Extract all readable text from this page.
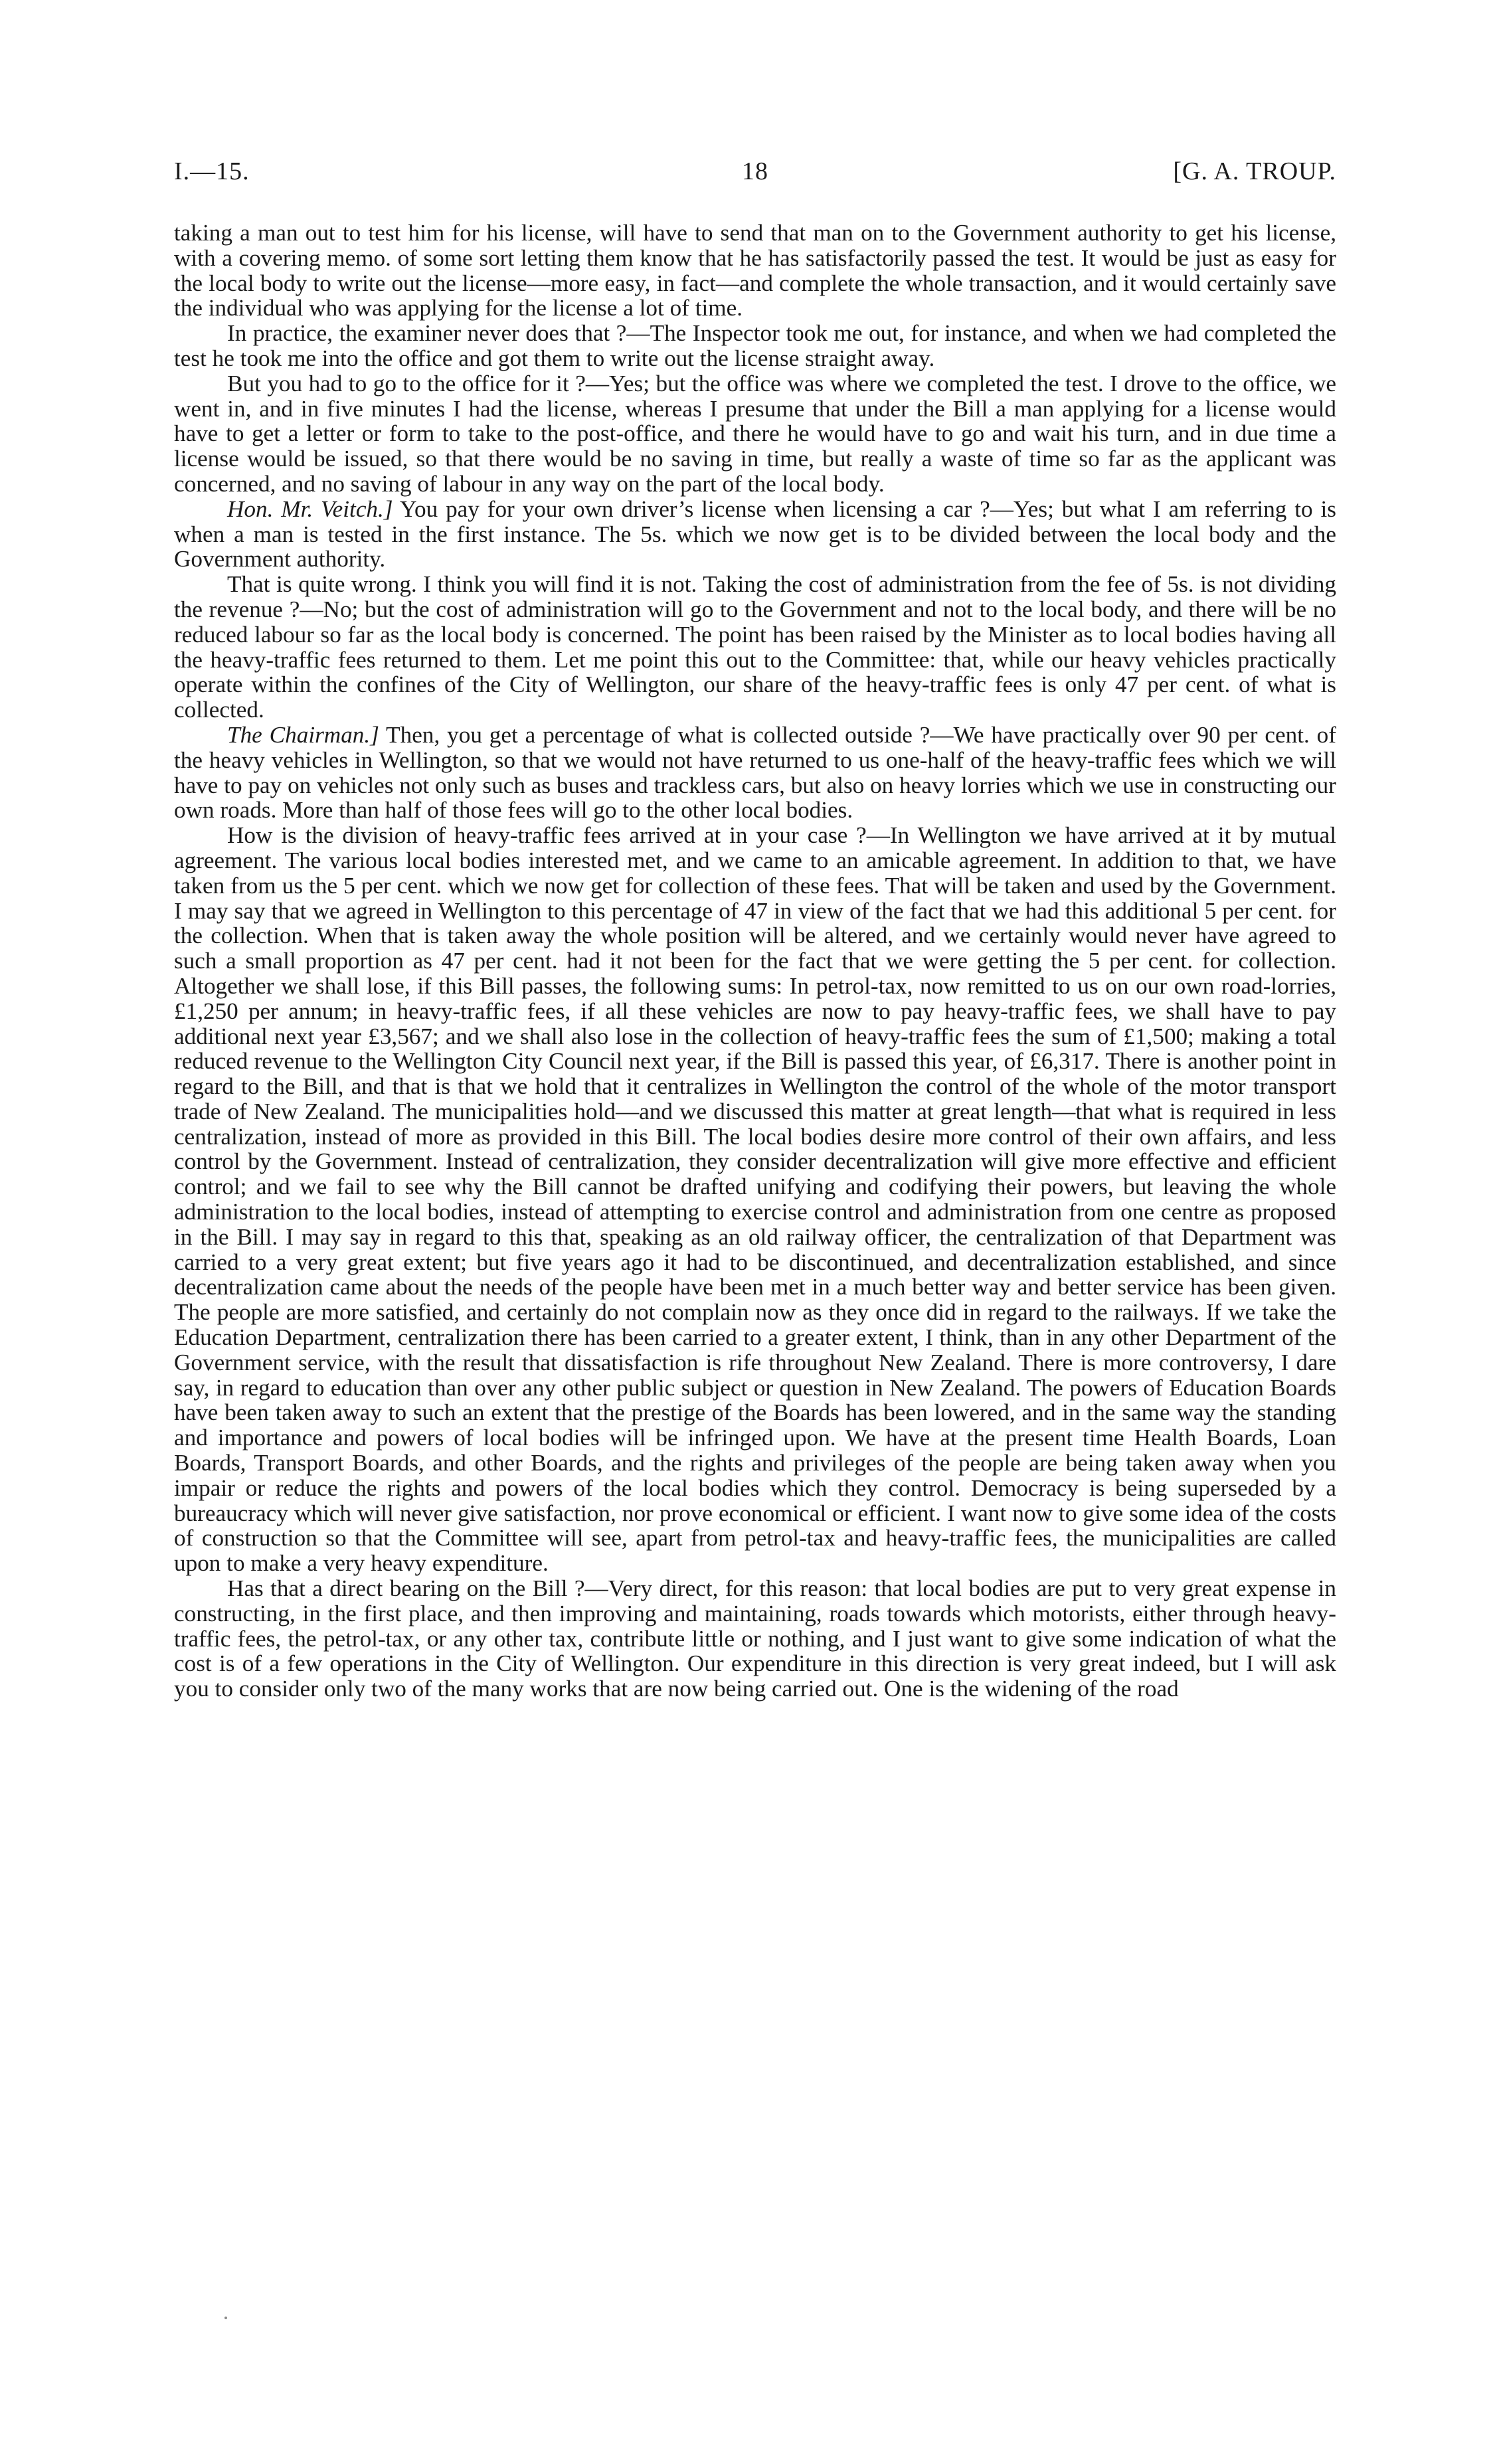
I.—15.	18	[G. A. TROUP.

taking a man out to test him for his license, will have to send that man on to the Government authority to get his license, with a covering memo. of some sort letting them know that he has satisfactorily passed the test. It would be just as easy for the local body to write out the license—more easy, in fact—and complete the whole transaction, and it would certainly save the individual who was applying for the license a lot of time.

In practice, the examiner never does that ?—The Inspector took me out, for instance, and when we had completed the test he took me into the office and got them to write out the license straight away.

But you had to go to the office for it ?—Yes; but the office was where we completed the test. I drove to the office, we went in, and in five minutes I had the license, whereas I presume that under the Bill a man applying for a license would have to get a letter or form to take to the post-office, and there he would have to go and wait his turn, and in due time a license would be issued, so that there would be no saving in time, but really a waste of time so far as the applicant was concerned, and no saving of labour in any way on the part of the local body.

Hon. Mr. Veitch.] You pay for your own driver’s license when licensing a car ?—Yes; but what I am referring to is when a man is tested in the first instance. The 5s. which we now get is to be divided between the local body and the Government authority.

That is quite wrong. I think you will find it is not. Taking the cost of administration from the fee of 5s. is not dividing the revenue ?—No; but the cost of administration will go to the Government and not to the local body, and there will be no reduced labour so far as the local body is concerned. The point has been raised by the Minister as to local bodies having all the heavy-traffic fees returned to them. Let me point this out to the Committee: that, while our heavy vehicles practically operate within the confines of the City of Wellington, our share of the heavy-traffic fees is only 47 per cent. of what is collected.

The Chairman.] Then, you get a percentage of what is collected outside ?—We have practically over 90 per cent. of the heavy vehicles in Wellington, so that we would not have returned to us one-half of the heavy-traffic fees which we will have to pay on vehicles not only such as buses and trackless cars, but also on heavy lorries which we use in constructing our own roads. More than half of those fees will go to the other local bodies.

How is the division of heavy-traffic fees arrived at in your case ?—In Wellington we have arrived at it by mutual agreement. The various local bodies interested met, and we came to an amicable agreement. In addition to that, we have taken from us the 5 per cent. which we now get for collection of these fees. That will be taken and used by the Government. I may say that we agreed in Wellington to this percentage of 47 in view of the fact that we had this additional 5 per cent. for the collection. When that is taken away the whole position will be altered, and we certainly would never have agreed to such a small proportion as 47 per cent. had it not been for the fact that we were getting the 5 per cent. for collection. Altogether we shall lose, if this Bill passes, the following sums: In petrol-tax, now remitted to us on our own road-lorries, £1,250 per annum; in heavy-traffic fees, if all these vehicles are now to pay heavy-traffic fees, we shall have to pay additional next year £3,567; and we shall also lose in the collection of heavy-traffic fees the sum of £1,500; making a total reduced revenue to the Wellington City Council next year, if the Bill is passed this year, of £6,317. There is another point in regard to the Bill, and that is that we hold that it centralizes in Wellington the control of the whole of the motor transport trade of New Zealand. The municipalities hold—and we discussed this matter at great length—that what is required in less centralization, instead of more as provided in this Bill. The local bodies desire more control of their own affairs, and less control by the Government. Instead of centralization, they consider decentralization will give more effective and efficient control; and we fail to see why the Bill cannot be drafted unifying and codifying their powers, but leaving the whole administration to the local bodies, instead of attempting to exercise control and administration from one centre as proposed in the Bill. I may say in regard to this that, speaking as an old railway officer, the centralization of that Department was carried to a very great extent; but five years ago it had to be discontinued, and decentralization established, and since decentralization came about the needs of the people have been met in a much better way and better service has been given. The people are more satisfied, and certainly do not complain now as they once did in regard to the railways. If we take the Education Department, centralization there has been carried to a greater extent, I think, than in any other Department of the Government service, with the result that dissatisfaction is rife throughout New Zealand. There is more controversy, I dare say, in regard to education than over any other public subject or question in New Zealand. The powers of Education Boards have been taken away to such an extent that the prestige of the Boards has been lowered, and in the same way the standing and importance and powers of local bodies will be infringed upon. We have at the present time Health Boards, Loan Boards, Transport Boards, and other Boards, and the rights and privileges of the people are being taken away when you impair or reduce the rights and powers of the local bodies which they control. Democracy is being superseded by a bureaucracy which will never give satisfaction, nor prove economical or efficient. I want now to give some idea of the costs of construction so that the Committee will see, apart from petrol-tax and heavy-traffic fees, the municipalities are called upon to make a very heavy expenditure.

Has that a direct bearing on the Bill ?—Very direct, for this reason: that local bodies are put to very great expense in constructing, in the first place, and then improving and maintaining, roads towards which motorists, either through heavy-traffic fees, the petrol-tax, or any other tax, contribute little or nothing, and I just want to give some indication of what the cost is of a few operations in the City of Wellington. Our expenditure in this direction is very great indeed, but I will ask you to consider only two of the many works that are now being carried out. One is the widening of the road
